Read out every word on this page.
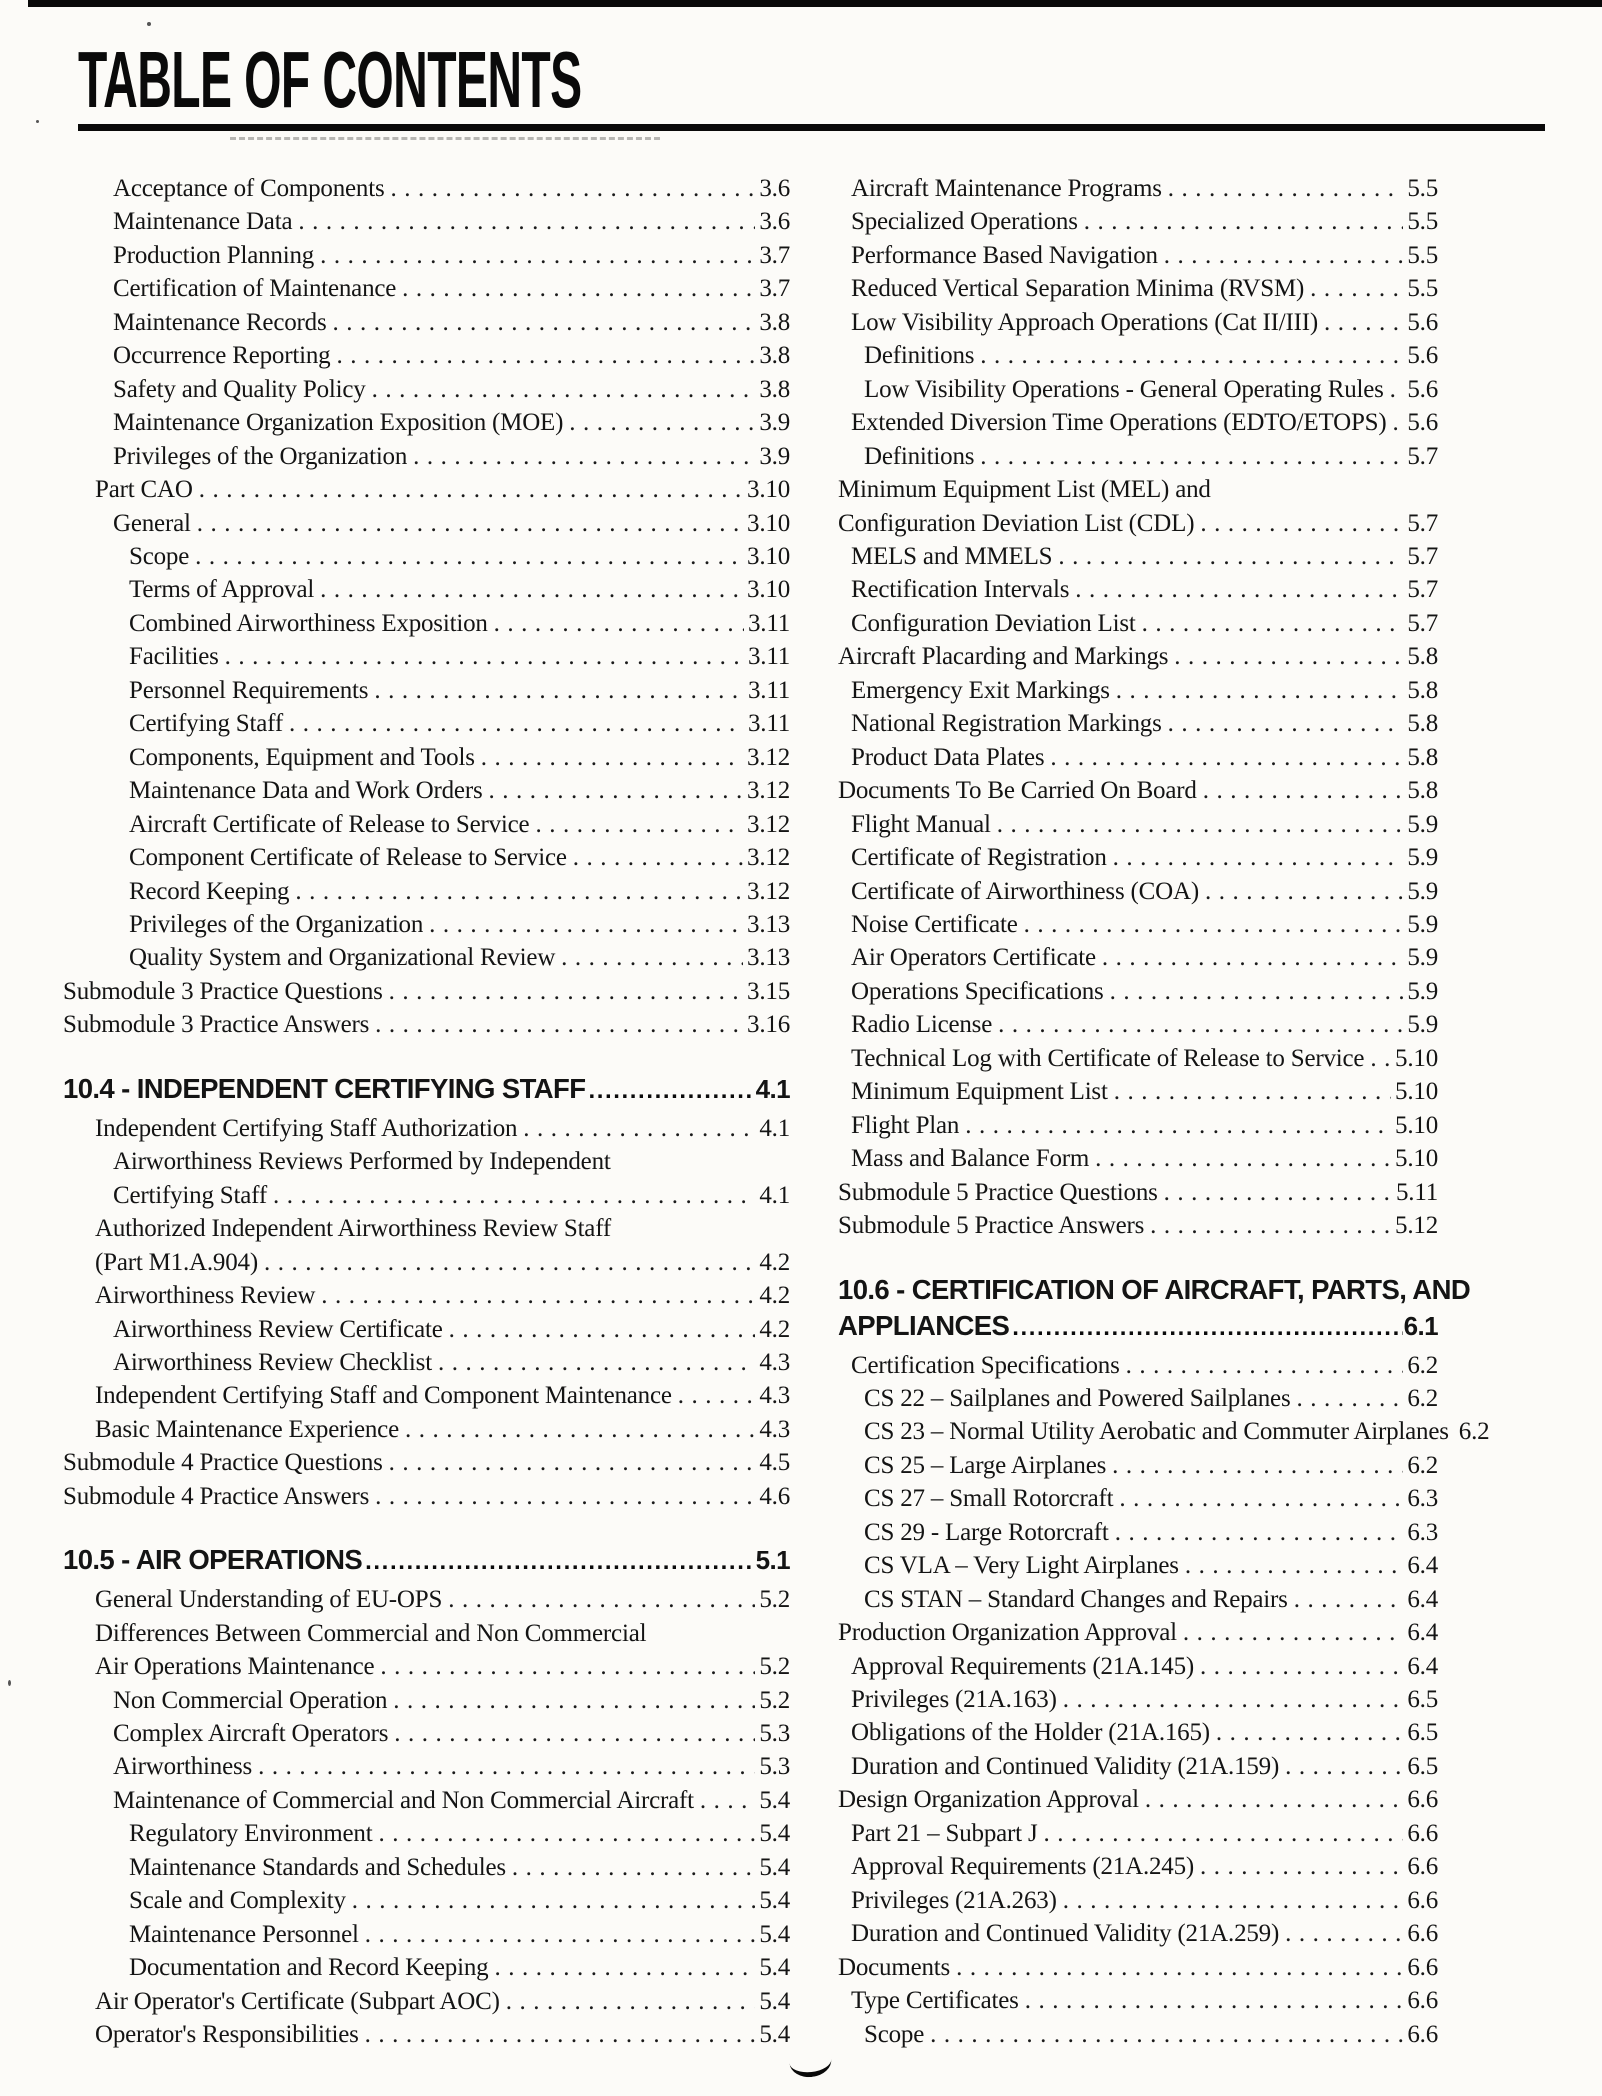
TABLE OF CONTENTS
Acceptance of Components .....	3.6
Maintenance Data .....	3.6
Production Planning .....	3.7
Certification of Maintenance .....	3.7
Maintenance Records .....	3.8
Occurrence Reporting .....	3.8
Safety and Quality Policy .....	3.8
Maintenance Organization Exposition (MOE) .....	3.9
Privileges of the Organization .....	3.9
Part CAO .....	3.10
General .....	3.10
Scope .....	3.10
Terms of Approval .....	3.10
Combined Airworthiness Exposition .....	3.11
Facilities .....	3.11
Personnel Requirements .....	3.11
Certifying Staff .....	3.11
Components, Equipment and Tools .....	3.12
Maintenance Data and Work Orders .....	3.12
Aircraft Certificate of Release to Service .....	3.12
Component Certificate of Release to Service .....	3.12
Record Keeping .....	3.12
Privileges of the Organization .....	3.13
Quality System and Organizational Review .....	3.13
Submodule 3 Practice Questions .....	3.15
Submodule 3 Practice Answers .....	3.16
10.4 - INDEPENDENT CERTIFYING STAFF .....	4.1
Independent Certifying Staff Authorization .....	4.1
Airworthiness Reviews Performed by Independent
Certifying Staff .....	4.1
Authorized Independent Airworthiness Review Staff
(Part M1.A.904) .....	4.2
Airworthiness Review .....	4.2
Airworthiness Review Certificate .....	4.2
Airworthiness Review Checklist .....	4.3
Independent Certifying Staff and Component Maintenance .....	4.3
Basic Maintenance Experience .....	4.3
Submodule 4 Practice Questions .....	4.5
Submodule 4 Practice Answers .....	4.6
10.5 - AIR OPERATIONS .....	5.1
General Understanding of EU-OPS .....	5.2
Differences Between Commercial and Non Commercial
Air Operations Maintenance .....	5.2
Non Commercial Operation .....	5.2
Complex Aircraft Operators .....	5.3
Airworthiness .....	5.3
Maintenance of Commercial and Non Commercial Aircraft .....	5.4
Regulatory Environment .....	5.4
Maintenance Standards and Schedules .....	5.4
Scale and Complexity .....	5.4
Maintenance Personnel .....	5.4
Documentation and Record Keeping .....	5.4
Air Operator's Certificate (Subpart AOC) .....	5.4
Operator's Responsibilities .....	5.4
Aircraft Maintenance Programs .....	5.5
Specialized Operations .....	5.5
Performance Based Navigation .....	5.5
Reduced Vertical Separation Minima (RVSM) .....	5.5
Low Visibility Approach Operations (Cat II/III) .....	5.6
Definitions .....	5.6
Low Visibility Operations - General Operating Rules ..... 5.6
Extended Diversion Time Operations (EDTO/ETOPS) ..... 5.6
Definitions .....	5.7
Minimum Equipment List (MEL) and
Configuration Deviation List (CDL) .....	5.7
MELS and MMELS .....	5.7
Rectification Intervals .....	5.7
Configuration Deviation List .....	5.7
Aircraft Placarding and Markings .....	5.8
Emergency Exit Markings .....	5.8
National Registration Markings .....	5.8
Product Data Plates .....	5.8
Documents To Be Carried On Board .....	5.8
Flight Manual .....	5.9
Certificate of Registration .....	5.9
Certificate of Airworthiness (COA) .....	5.9
Noise Certificate .....	5.9
Air Operators Certificate .....	5.9
Operations Specifications .....	5.9
Radio License .....	5.9
Technical Log with Certificate of Release to Service ..... 5.10
Minimum Equipment List .....	5.10
Flight Plan .....	5.10
Mass and Balance Form .....	5.10
Submodule 5 Practice Questions .....	5.11
Submodule 5 Practice Answers .....	5.12
10.6 - CERTIFICATION OF AIRCRAFT, PARTS, AND
APPLIANCES .....	6.1
Certification Specifications .....	6.2
CS 22 – Sailplanes and Powered Sailplanes .....	6.2
CS 23 – Normal Utility Aerobatic and Commuter Airplanes 6.2
CS 25 – Large Airplanes .....	6.2
CS 27 – Small Rotorcraft .....	6.3
CS 29 - Large Rotorcraft .....	6.3
CS VLA – Very Light Airplanes .....	6.4
CS STAN – Standard Changes and Repairs .....	6.4
Production Organization Approval .....	6.4
Approval Requirements (21A.145) .....	6.4
Privileges (21A.163) .....	6.5
Obligations of the Holder (21A.165) .....	6.5
Duration and Continued Validity (21A.159) .....	6.5
Design Organization Approval .....	6.6
Part 21 – Subpart J .....	6.6
Approval Requirements (21A.245) .....	6.6
Privileges (21A.263) .....	6.6
Duration and Continued Validity (21A.259) .....	6.6
Documents .....	6.6
Type Certificates .....	6.6
Scope .....	6.6
